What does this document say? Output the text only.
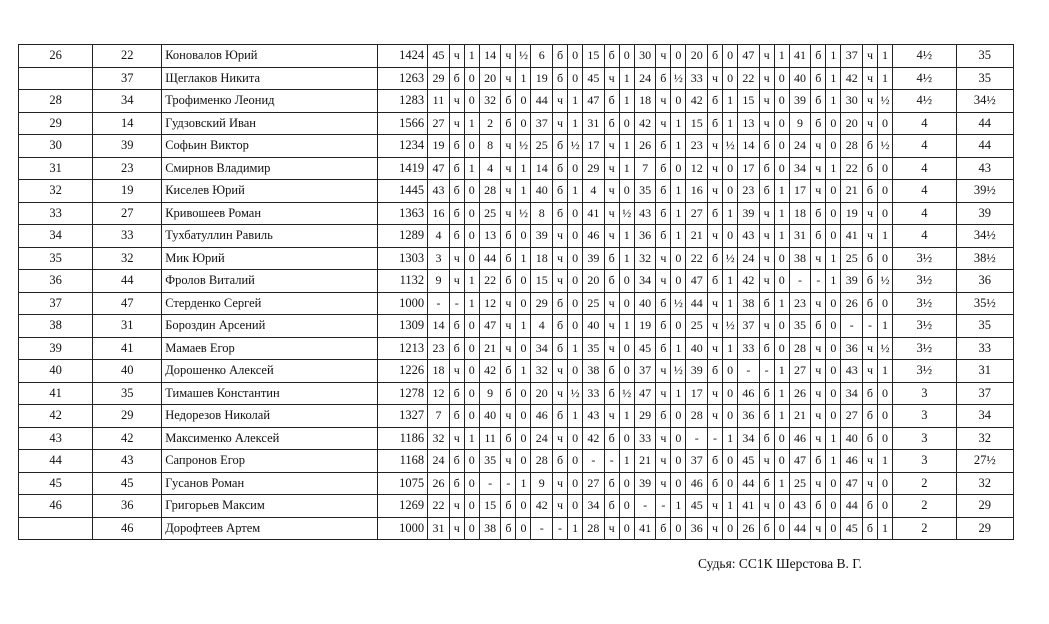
26	22	Коновалов Юрий	1424	45	ч	1	14	ч	½	6	б	0	15	б	0	30	ч	0	20	б	0	47	ч	1	41	б	1	37	ч	1	4½	35
	37	Щеглаков Никита	1263	29	б	0	20	ч	1	19	б	0	45	ч	1	24	б	½	33	ч	0	22	ч	0	40	б	1	42	ч	1	4½	35
28	34	Трофименко Леонид	1283	11	ч	0	32	б	0	44	ч	1	47	б	1	18	ч	0	42	б	1	15	ч	0	39	б	1	30	ч	½	4½	34½
29	14	Гудзовский Иван	1566	27	ч	1	2	б	0	37	ч	1	31	б	0	42	ч	1	15	б	1	13	ч	0	9	б	0	20	ч	0	4	44
30	39	Софьин Виктор	1234	19	б	0	8	ч	½	25	б	½	17	ч	1	26	б	1	23	ч	½	14	б	0	24	ч	0	28	б	½	4	44
31	23	Смирнов Владимир	1419	47	б	1	4	ч	1	14	б	0	29	ч	1	7	б	0	12	ч	0	17	б	0	34	ч	1	22	б	0	4	43
32	19	Киселев Юрий	1445	43	б	0	28	ч	1	40	б	1	4	ч	0	35	б	1	16	ч	0	23	б	1	17	ч	0	21	б	0	4	39½
33	27	Кривошеев Роман	1363	16	б	0	25	ч	½	8	б	0	41	ч	½	43	б	1	27	б	1	39	ч	1	18	б	0	19	ч	0	4	39
34	33	Тухбатуллин Равиль	1289	4	б	0	13	б	0	39	ч	0	46	ч	1	36	б	1	21	ч	0	43	ч	1	31	б	0	41	ч	1	4	34½
35	32	Мик Юрий	1303	3	ч	0	44	б	1	18	ч	0	39	б	1	32	ч	0	22	б	½	24	ч	0	38	ч	1	25	б	0	3½	38½
36	44	Фролов Виталий	1132	9	ч	1	22	б	0	15	ч	0	20	б	0	34	ч	0	47	б	1	42	ч	0	-	-	1	39	б	½	3½	36
37	47	Стерденко Сергей	1000	-	-	1	12	ч	0	29	б	0	25	ч	0	40	б	½	44	ч	1	38	б	1	23	ч	0	26	б	0	3½	35½
38	31	Бороздин Арсений	1309	14	б	0	47	ч	1	4	б	0	40	ч	1	19	б	0	25	ч	½	37	ч	0	35	б	0	-	-	1	3½	35
39	41	Мамаев Егор	1213	23	б	0	21	ч	0	34	б	1	35	ч	0	45	б	1	40	ч	1	33	б	0	28	ч	0	36	ч	½	3½	33
40	40	Дорошенко Алексей	1226	18	ч	0	42	б	1	32	ч	0	38	б	0	37	ч	½	39	б	0	-	-	1	27	ч	0	43	ч	1	3½	31
41	35	Тимашев Константин	1278	12	б	0	9	б	0	20	ч	½	33	б	½	47	ч	1	17	ч	0	46	б	1	26	ч	0	34	б	0	3	37
42	29	Недорезов Николай	1327	7	б	0	40	ч	0	46	б	1	43	ч	1	29	б	0	28	ч	0	36	б	1	21	ч	0	27	б	0	3	34
43	42	Максименко Алексей	1186	32	ч	1	11	б	0	24	ч	0	42	б	0	33	ч	0	-	-	1	34	б	0	46	ч	1	40	б	0	3	32
44	43	Сапронов Егор	1168	24	б	0	35	ч	0	28	б	0	-	-	1	21	ч	0	37	б	0	45	ч	0	47	б	1	46	ч	1	3	27½
45	45	Гусанов Роман	1075	26	б	0	-	-	1	9	ч	0	27	б	0	39	ч	0	46	б	0	44	б	1	25	ч	0	47	ч	0	2	32
46	36	Григорьев Максим	1269	22	ч	0	15	б	0	42	ч	0	34	б	0	-	-	1	45	ч	1	41	ч	0	43	б	0	44	б	0	2	29
	46	Дорофтеев Артем	1000	31	ч	0	38	б	0	-	-	1	28	ч	0	41	б	0	36	ч	0	26	б	0	44	ч	0	45	б	1	2	29
Судья: СС1К Шерстова В. Г.
